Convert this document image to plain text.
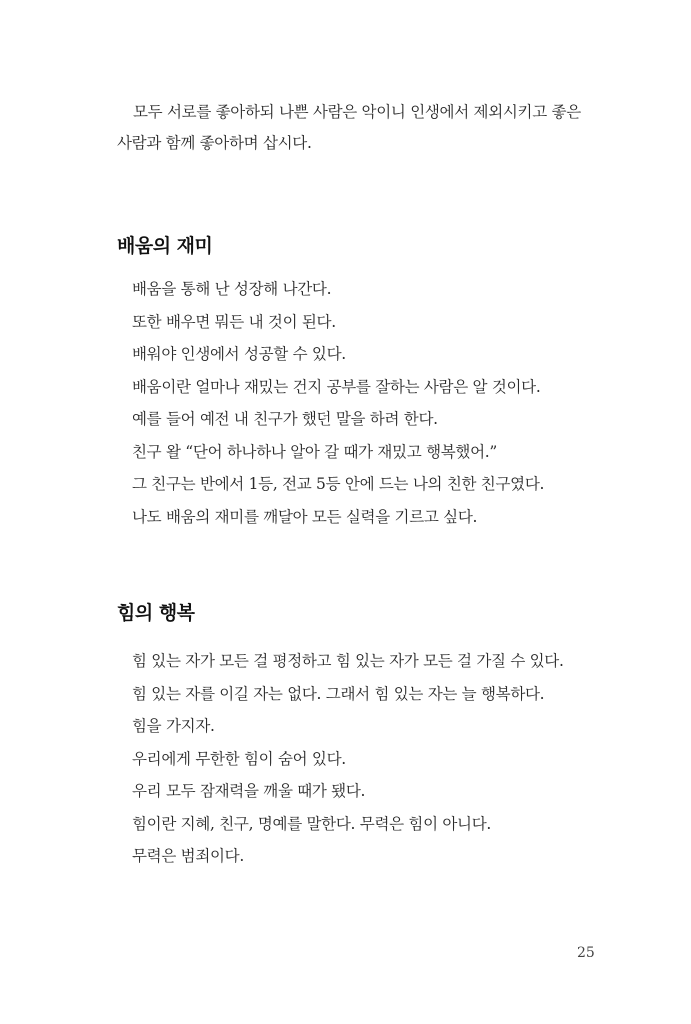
모두 서로를 좋아하되 나쁜 사람은 악이니 인생에서 제외시키고 좋은
사람과 함께 좋아하며 삽시다.
배움의 재미
배움을 통해 난 성장해 나간다.
또한 배우면 뭐든 내 것이 된다.
배워야 인생에서 성공할 수 있다.
배움이란 얼마나 재밌는 건지 공부를 잘하는 사람은 알 것이다.
예를 들어 예전 내 친구가 했던 말을 하려 한다.
친구 왈 “단어 하나하나 알아 갈 때가 재밌고 행복했어.”
그 친구는 반에서 1등, 전교 5등 안에 드는 나의 친한 친구였다.
나도 배움의 재미를 깨달아 모든 실력을 기르고 싶다.
힘의 행복
힘 있는 자가 모든 걸 평정하고 힘 있는 자가 모든 걸 가질 수 있다.
힘 있는 자를 이길 자는 없다. 그래서 힘 있는 자는 늘 행복하다.
힘을 가지자.
우리에게 무한한 힘이 숨어 있다.
우리 모두 잠재력을 깨울 때가 됐다.
힘이란 지혜, 친구, 명예를 말한다. 무력은 힘이 아니다.
무력은 범죄이다.
25
